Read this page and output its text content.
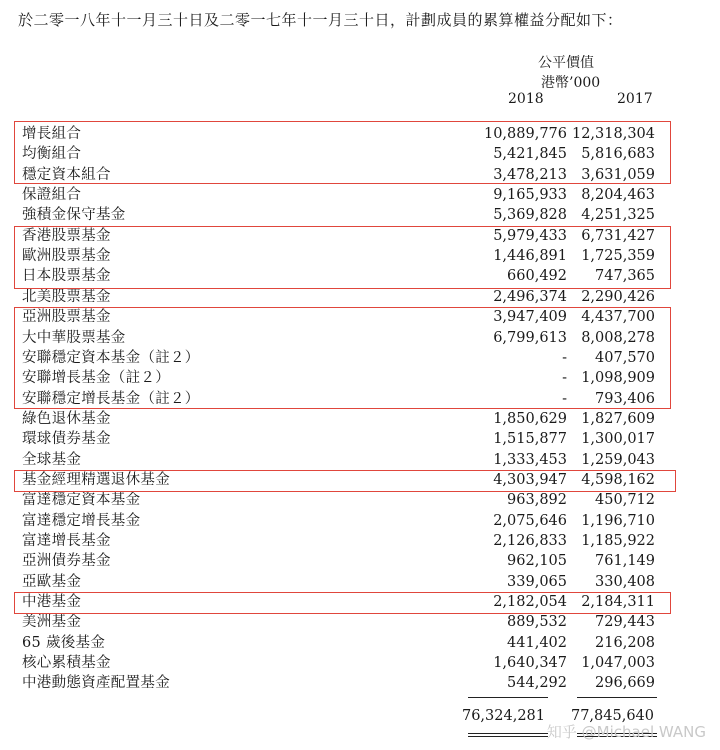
於二零一八年十一月三十日及二零一七年十一月三十日，計劃成員的累算權益分配如下：
公平價值
港幣’000
2018	2017
增長組合	10,889,776 12,318,304
均衡組合	5,421,845 5,816,683
穩定資本組合	3,478,213 3,631,059
保證組合	9,165,933 8,204,463
強積金保守基金	5,369,828 4,251,325
香港股票基金	5,979,433 6,731,427
歐洲股票基金	1,446,891 1,725,359
日本股票基金	660,492 747,365
北美股票基金	2,496,374 2,290,426
亞洲股票基金	3,947,409 4,437,700
大中華股票基金	6,799,613 8,008,278
安聯穩定資本基金（註２）	- 407,570
安聯增長基金（註２）	- 1,098,909
安聯穩定增長基金（註２）	- 793,406
綠色退休基金	1,850,629 1,827,609
環球債券基金	1,515,877 1,300,017
全球基金	1,333,453 1,259,043
基金經理精選退休基金	4,303,947 4,598,162
富達穩定資本基金	963,892 450,712
富達穩定增長基金	2,075,646 1,196,710
富達增長基金	2,126,833 1,185,922
亞洲債券基金	962,105 761,149
亞歐基金	339,065 330,408
中港基金	2,182,054 2,184,311
美洲基金	889,532 729,443
65 歲後基金	441,402 216,208
核心累積基金	1,640,347 1,047,003
中港動態資產配置基金	544,292 296,669
76,324,281 77,845,640
知乎 @Michael WANG
